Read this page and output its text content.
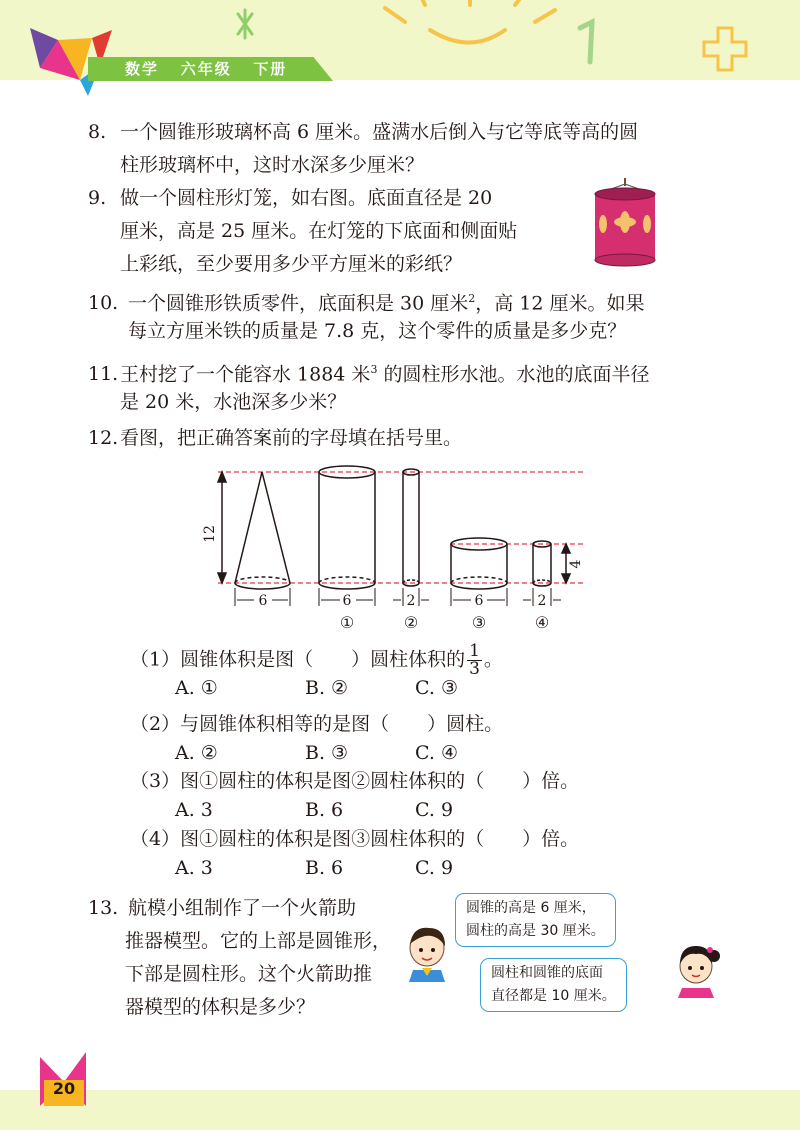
数学 六年级 下册
8. 一个圆锥形玻璃杯高 6 厘米。盛满水后倒入与它等底等高的圆
柱形玻璃杯中，这时水深多少厘米？
9. 做一个圆柱形灯笼，如右图。底面直径是 20
厘米，高是 25 厘米。在灯笼的下底面和侧面贴
上彩纸，至少要用多少平方厘米的彩纸？
10. 一个圆锥形铁质零件，底面积是 30 厘米$^2$，高 12 厘米。如果
每立方厘米铁的质量是 7.8 克，这个零件的质量是多少克？
11.王村挖了一个能容水 1884 米$^3$ 的圆柱形水池。水池的底面半径
是 20 米，水池深多少米？
12.看图，把正确答案前的字母填在括号里。
12
4
6	6	2	6	2
①	②	③	④
（1）圆锥体积是图（　　）圆柱体积的 $\frac{1}{3}$ 。
A. ①	B. ②	C. ③
（2）与圆锥体积相等的是图（　　）圆柱。
A. ②	B. ③	C. ④
（3）图①圆柱的体积是图②圆柱体积的（　　）倍。
A. 3	B. 6	C. 9
（4）图①圆柱的体积是图③圆柱体积的（　　）倍。
A. 3	B. 6	C. 9
13. 航模小组制作了一个火箭助
推器模型。它的上部是圆锥形，
下部是圆柱形。这个火箭助推
器模型的体积是多少？
圆锥的高是 6 厘米，
圆柱的高是 30 厘米。
圆柱和圆锥的底面
直径都是 10 厘米。
20
